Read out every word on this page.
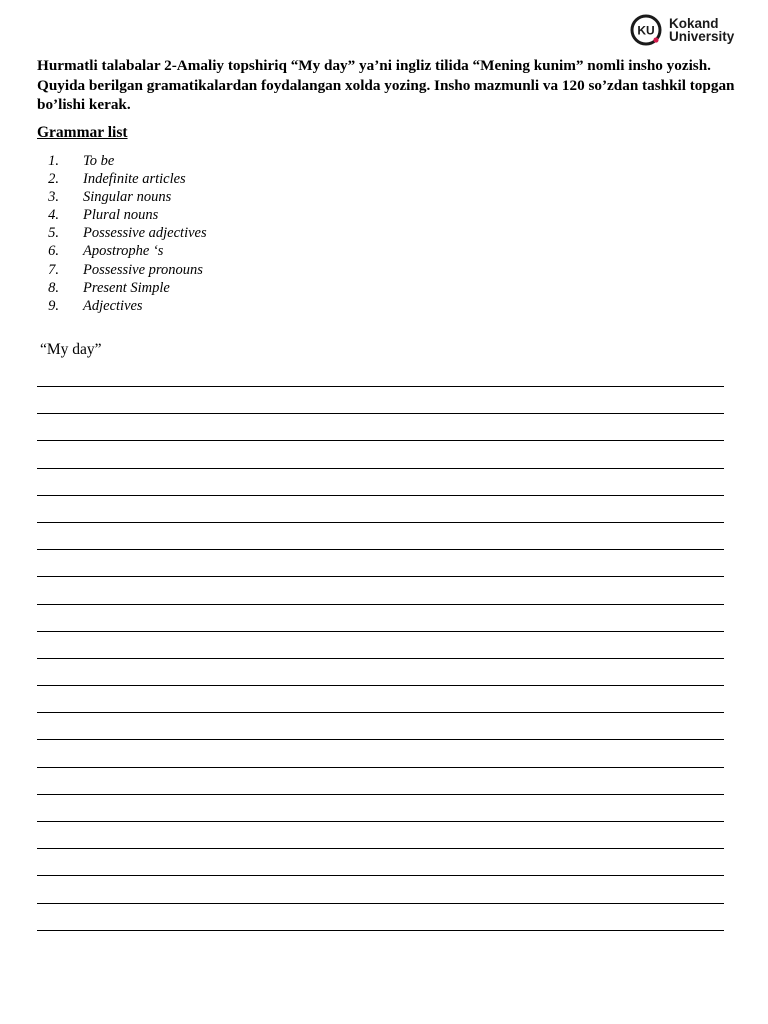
KU Kokand
University
Hurmatli talabalar 2-Amaliy topshiriq “My day” ya’ni ingliz tilida “Mening kunim” nomli insho yozish. Quyida berilgan gramatikalardan foydalangan xolda yozing. Insho mazmunli va 120 so’zdan tashkil topgan bo’lishi kerak.
Grammar list
1. To be
2. Indefinite articles
3. Singular nouns
4. Plural nouns
5. Possessive adjectives
6. Apostrophe ‘s
7. Possessive pronouns
8. Present Simple
9. Adjectives
“My day”
